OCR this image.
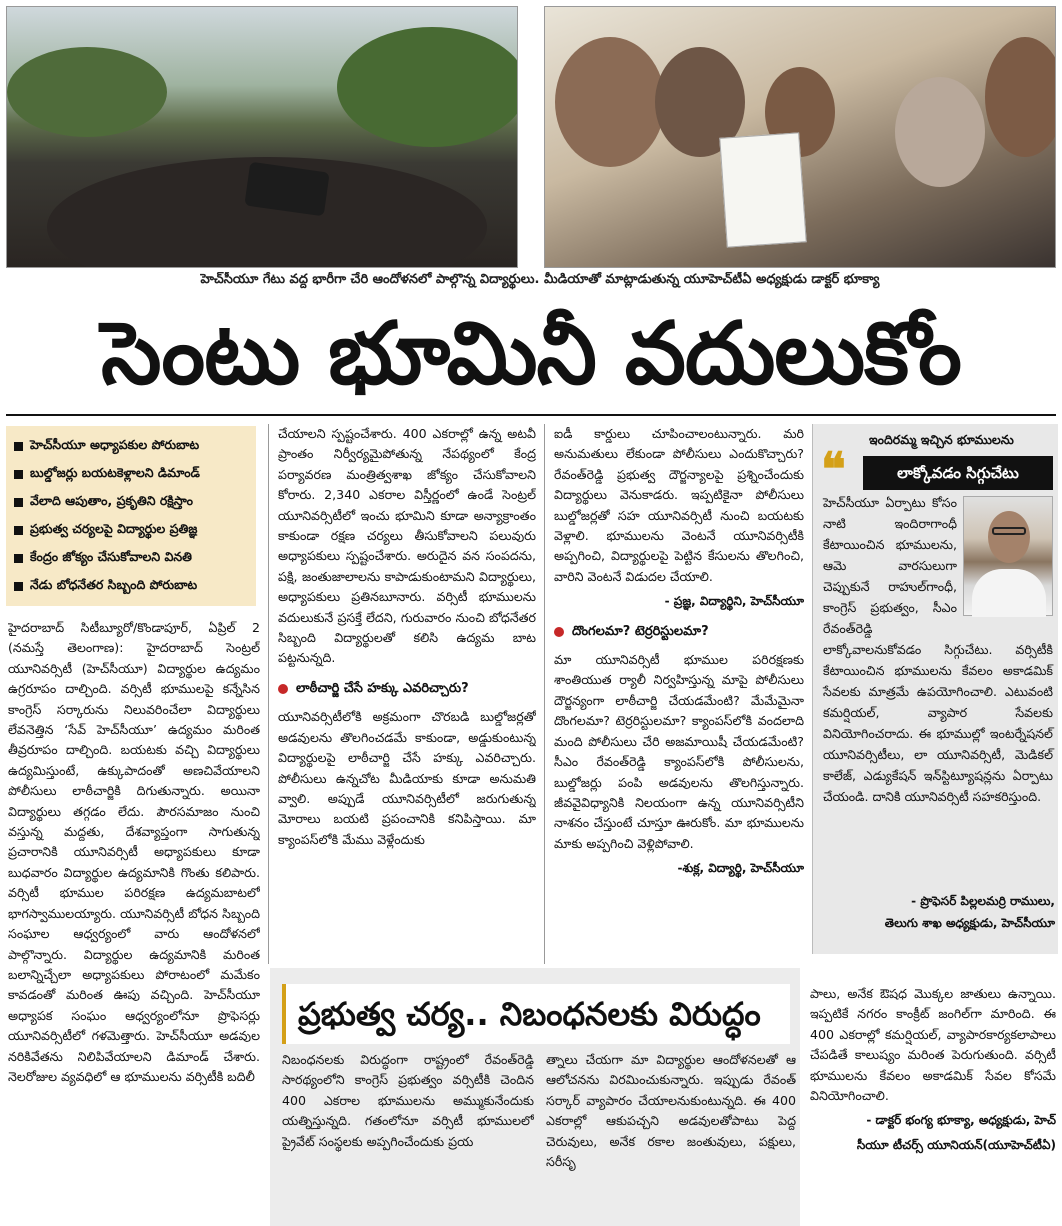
హెచ్‌సీయూ గేటు వద్ద భారీగా చేరి ఆందోళనలో పాల్గొన్న విద్యార్థులు. మీడియాతో మాట్లాడుతున్న యూహెచ్‌టీఏ అధ్యక్షుడు డాక్టర్ భూక్యా
సెంటు భూమినీ వదులుకోం
హెచ్‌సీయూ అధ్యాపకుల పోరుబాట
బుల్డోజర్లు బయటకెళ్లాలని డిమాండ్
వేలాది ఆపుతాం, ప్రకృతిని రక్షిస్తాం
ప్రభుత్వ చర్యలపై విద్యార్థుల ప్రతిజ్ఞ
కేంద్రం జోక్యం చేసుకోవాలని వినతి
నేడు బోధనేతర సిబ్బంది పోరుబాట

హైదరాబాద్ సిటీబ్యూరో/కొండాపూర్, ఏప్రిల్ 2 (నమస్తే తెలంగాణ): హైదరాబాద్ సెంట్రల్ యూనివర్సిటీ (హెచ్‌సీయూ) విద్యార్థుల ఉద్యమం ఉగ్రరూపం దాల్చింది. వర్సిటీ భూములపై కన్నేసిన కాంగ్రెస్ సర్కారును నిలువరించేలా విద్యార్థులు లేవనెత్తిన ‘సేవ్ హెచ్‌సీయూ’ ఉద్యమం మరింత తీవ్రరూపం దాల్చింది. బయటకు వచ్చి విద్యార్థులు ఉద్యమిస్తుంటే, ఉక్కుపాదంతో అణచివేయాలని పోలీసులు లాఠీచార్జికి దిగుతున్నారు. అయినా విద్యార్థులు తగ్గడం లేదు. పౌరసమాజం నుంచి వస్తున్న మద్దతు, దేశవ్యాప్తంగా సాగుతున్న ప్రచారానికి యూనివర్సిటీ అధ్యాపకులు కూడా బుధవారం విద్యార్థుల ఉద్యమానికి గొంతు కలిపారు. వర్సిటీ భూముల పరిరక్షణ ఉద్యమబాటలో భాగస్వాములయ్యారు. యూనివర్సిటీ బోధన సిబ్బంది సంఘాల ఆధ్వర్యంలో వారు ఆందోళనలో పాల్గొన్నారు. విద్యార్థుల ఉద్యమానికి మరింత బలాన్నిచ్చేలా అధ్యాపకులు పోరాటంలో మమేకం కావడంతో మరింత ఊపు వచ్చింది. హెచ్‌సీయూ అధ్యాపక సంఘం ఆధ్వర్యంలోనూ ప్రొఫెసర్లు యూనివర్సిటీలో గళమెత్తారు. హెచ్‌సీయూ అడవుల నరికివేతను నిలిపివేయాలని డిమాండ్ చేశారు. నెలరోజుల వ్యవధిలో ఆ భూములను వర్సిటీకి బదిలీ

చేయాలని స్పష్టంచేశారు. 400 ఎకరాల్లో ఉన్న అటవీ ప్రాంతం నిర్వీర్యమైపోతున్న నేపథ్యంలో కేంద్ర పర్యావరణ మంత్రిత్వశాఖ జోక్యం చేసుకోవాలని కోరారు. 2,340 ఎకరాల విస్తీర్ణంలో ఉండే సెంట్రల్ యూనివర్సిటీలో ఇంచు భూమిని కూడా అన్యాక్రాంతం కాకుండా రక్షణ చర్యలు తీసుకోవాలని పలువురు అధ్యాపకులు స్పష్టంచేశారు. అరుదైన వన సంపదను, పక్షి, జంతుజాలాలను కాపాడుకుంటామని విద్యార్థులు, అధ్యాపకులు ప్రతినబూనారు. వర్సిటీ భూములను వదులుకునే ప్రసక్తే లేదని, గురువారం నుంచి బోధనేతర సిబ్బంది విద్యార్థులతో కలిసి ఉద్యమ బాట పట్టనున్నది.

లాఠీచార్జి చేసే హక్కు ఎవరిచ్చారు?

యూనివర్సిటీలోకి అక్రమంగా చొరబడి బుల్డోజర్లతో అడవులను తొలగించడమే కాకుండా, అడ్డుకుంటున్న విద్యార్థులపై లాఠీచార్జి చేసే హక్కు ఎవరిచ్చారు. పోలీసులు ఉన్నచోట మీడియాకు కూడా అనుమతి వ్వాలి. అప్పుడే యూనివర్సిటీలో జరుగుతున్న మోరాలు బయటి ప్రపంచానికి కనిపిస్తాయి. మా క్యాంపస్‌లోకి మేము వెళ్లేందుకు

ఐడీ కార్డులు చూపించాలంటున్నారు. మరి అనుమతులు లేకుండా పోలీసులు ఎందుకొచ్చారు? రేవంత్‌రెడ్డి ప్రభుత్వ దౌర్జన్యాలపై ప్రశ్నించేందుకు విద్యార్థులు వెనుకాడరు. ఇప్పటికైనా పోలీసులు బుల్డోజర్లతో సహ యూనివర్సిటీ నుంచి బయటకు వెళ్లాలి. భూములను వెంటనే యూనివర్సిటీకి అప్పగించి, విద్యార్థులపై పెట్టిన కేసులను తొలగించి, వారిని వెంటనే విడుదల చేయాలి.

- ప్రజ్ఞ, విద్యార్థిని, హెచ్‌సీయూ
దొంగలమా? టెర్రరిస్టులమా?

మా యూనివర్సిటీ భూముల పరిరక్షణకు శాంతియుత ర్యాలీ నిర్వహిస్తున్న మాపై పోలీసులు దౌర్జన్యంగా లాఠీచార్జి చేయడమేంటి? మేమేమైనా దొంగలమా? టెర్రరిస్టులమా? క్యాంపస్‌లోకి వందలాది మంది పోలీసులు చేరి అజమాయిషీ చేయడమేంటి? సీఎం రేవంత్‌రెడ్డి క్యాంపస్‌లోకి పోలీసులను, బుల్డోజర్లు పంపి అడవులను తొలగిస్తున్నారు. జీవవైవిధ్యానికి నిలయంగా ఉన్న యూనివర్సిటీని నాశనం చేస్తుంటే చూస్తూ ఊరుకోం. మా భూములను మాకు అప్పగించి వెళ్లిపోవాలి.

-శుక్ల, విద్యార్థి, హెచ్‌సీయూ
ఇందిరమ్మ ఇచ్చిన భూములను
❝	లాక్కోవడం సిగ్గుచేటు
హెచ్‌సీయూ ఏర్పాటు కోసం నాటి ఇందిరాగాంధీ కేటాయించిన భూములను, ఆమె వారసులుగా చెప్పుకునే రాహుల్‌గాంధీ, కాంగ్రెస్ ప్రభుత్వం, సీఎం రేవంత్‌రెడ్డి లాక్కోవాలనుకోవడం సిగ్గుచేటు. వర్సిటీకి కేటాయించిన భూములను కేవలం అకాడమిక్ సేవలకు మాత్రమే ఉపయోగించాలి. ఎటువంటి కమర్షియల్, వ్యాపార సేవలకు వినియోగించరాదు. ఈ భూముల్లో ఇంటర్నేషనల్ యూనివర్సిటీలు, లా యూనివర్సిటీ, మెడికల్ కాలేజ్, ఎడ్యుకేషన్ ఇన్‌స్టిట్యూషన్లను ఏర్పాటు చేయండి. దానికి యూనివర్సిటీ సహకరిస్తుంది.
- ప్రొఫెసర్ పిల్లలమర్రి రాములు,
తెలుగు శాఖ అధ్యక్షుడు, హెచ్‌సీయూ
ప్రభుత్వ చర్య.. నిబంధనలకు విరుద్ధం

నిబంధనలకు విరుద్ధంగా రాష్ట్రంలో రేవంత్‌రెడ్డి సారథ్యంలోని కాంగ్రెస్ ప్రభుత్వం వర్సిటీకి చెందిన 400 ఎకరాల భూములను అమ్ముకునేందుకు యత్నిస్తున్నది. గతంలోనూ వర్సిటీ భూములలో ప్రైవేట్ సంస్థలకు అప్పగించేందుకు ప్రయ

త్నాలు చేయగా మా విద్యార్థుల ఆందోళనలతో ఆ ఆలోచనను విరమించుకున్నారు. ఇప్పుడు రేవంత్ సర్కార్ వ్యాపారం చేయాలనుకుంటున్నది. ఈ 400 ఎకరాల్లో ఆకుపచ్చని అడవులతోపాటు పెద్ద చెరువులు, అనేక రకాల జంతువులు, పక్షులు, సరీసృ

పాలు, అనేక ఔషధ మొక్కల జాతులు ఉన్నాయి. ఇప్పటికే నగరం కాంక్రీట్ జంగిల్‌గా మారింది. ఈ 400 ఎకరాల్లో కమర్షియల్, వ్యాపారకార్యకలాపాలు చేపడితే కాలుష్యం మరింత పెరుగుతుంది. వర్సిటీ భూములను కేవలం అకాడమిక్ సేవల కోసమే వినియోగించాలి.

- డాక్టర్ భంగ్య భూక్యా, అధ్యక్షుడు, హెచ్
సీయూ టీచర్స్ యూనియన్(యూహెచ్‌టీఏ)
